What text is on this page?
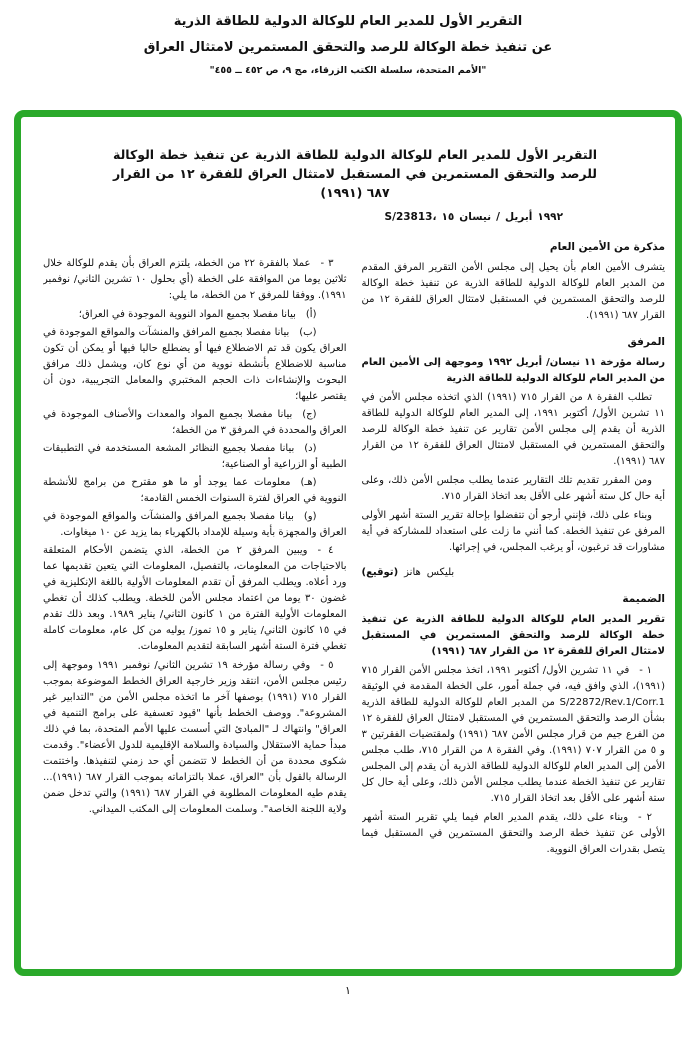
التقرير الأول للمدير العام للوكالة الدولية للطاقة الذرية
عن تنفيذ خطة الوكالة للرصد والتحقق المستمرين لامتثال العراق
"الأمم المتحدة، سلسلة الكتب الزرقاء، مج ٩، ص ٤٥٢ ــ ٤٥٥"
التقرير الأول للمدير العام للوكالة الدولية للطاقة الذرية عن تنفيذ خطة الوكالة للرصد والتحقق المستمرين في المستقبل لامتثال العراق للفقرة ١٢ من القرار ٦٨٧ (١٩٩١)
S/23813، ١٥ نيسان / أبريل ١٩٩٢
مذكرة من الأمين العام

يتشرف الأمين العام بأن يحيل إلى مجلس الأمن التقرير المرفق المقدم من المدير العام للوكالة الدولية للطاقة الذرية عن تنفيذ خطة الوكالة للرصد والتحقق المستمرين في المستقبل لامتثال العراق للفقرة ١٢ من القرار ٦٨٧ (١٩٩١).

المرفق

رسالة مؤرخة ١١ نيسان/ أبريل ١٩٩٢ وموجهة إلى الأمين العام من المدير العام للوكالة الدولية للطاقة الذرية

تطلب الفقرة ٨ من القرار ٧١٥ (١٩٩١) الذي اتخذه مجلس الأمن في ١١ تشرين الأول/ أكتوبر ١٩٩١، إلى المدير العام للوكالة الدولية للطاقة الذرية أن يقدم إلى مجلس الأمن تقارير عن تنفيذ خطة الوكالة للرصد والتحقق المستمرين في المستقبل لامتثال العراق للفقرة ١٢ من القرار ٦٨٧ (١٩٩١).

ومن المقرر تقديم تلك التقارير عندما يطلب مجلس الأمن ذلك، وعلى أية حال كل ستة أشهر على الأقل بعد اتخاذ القرار ٧١٥.

وبناء على ذلك، فإنني أرجو أن تتفضلوا بإحالة تقرير الستة أشهر الأولى المرفق عن تنفيذ الخطة. كما أنني ما زلت على استعداد للمشاركة في أية مشاورات قد ترغبون، أو يرغب المجلس، في إجرائها.

(توقيع) هانز بليكس
الضميمة

تقرير المدير العام للوكالة الدولية للطاقة الذرية عن تنفيذ خطة الوكالة للرصد والتحقق المستمرين في المستقبل لامتثال العراق للفقرة ١٢ من القرار ٦٨٧ (١٩٩١)

١ - في ١١ تشرين الأول/ أكتوبر ١٩٩١، اتخذ مجلس الأمن القرار ٧١٥ (١٩٩١)، الذي وافق فيه، في جملة أمور، على الخطة المقدمة في الوثيقة S/22872/Rev.1/Corr.1 من المدير العام للوكالة الدولية للطاقة الذرية بشأن الرصد والتحقق المستمرين في المستقبل لامتثال العراق للفقرة ١٢ من الفرع جيم من قرار مجلس الأمن ٦٨٧ (١٩٩١) ولمقتضيات الفقرتين ٣ و ٥ من القرار ٧٠٧ (١٩٩١). وفي الفقرة ٨ من القرار ٧١٥، طلب مجلس الأمن إلى المدير العام للوكالة الدولية للطاقة الذرية أن يقدم إلى المجلس تقارير عن تنفيذ الخطة عندما يطلب مجلس الأمن ذلك، وعلى أية حال كل ستة أشهر على الأقل بعد اتخاذ القرار ٧١٥.

٢ - وبناء على ذلك، يقدم المدير العام فيما يلي تقرير الستة أشهر الأولى عن تنفيذ خطة الرصد والتحقق المستمرين في المستقبل فيما يتصل بقدرات العراق النووية.

٣ - عملا بالفقرة ٢٢ من الخطة، يلتزم العراق بأن يقدم للوكالة خلال ثلاثين يوما من الموافقة على الخطة (أي بحلول ١٠ تشرين الثاني/ نوفمبر ١٩٩١). ووفقا للمرفق ٢ من الخطة، ما يلي:

(أ) بيانا مفصلا بجميع المواد النووية الموجودة في العراق؛

(ب) بيانا مفصلا بجميع المرافق والمنشآت والمواقع الموجودة في العراق يكون قد تم الاضطلاع فيها أو يضطلع حاليا فيها أو يمكن أن تكون مناسبة للاضطلاع بأنشطة نووية من أي نوع كان، ويشمل ذلك مرافق البحوث والإنشاءات ذات الحجم المختبري والمعامل التجريبية، دون أن يقتصر عليها؛

(ج) بيانا مفصلا بجميع المواد والمعدات والأصناف الموجودة في العراق والمحددة في المرفق ٣ من الخطة؛

(د) بيانا مفصلا بجميع النظائر المشعة المستخدمة في التطبيقات الطبية أو الزراعية أو الصناعية؛

(هـ) معلومات عما يوجد أو ما هو مقترح من برامج للأنشطة النووية في العراق لفترة السنوات الخمس القادمة؛

(و) بيانا مفصلا بجميع المرافق والمنشآت والمواقع الموجودة في العراق والمجهزة بأية وسيلة للإمداد بالكهرباء بما يزيد عن ١٠ ميغاوات.

٤ - ويبين المرفق ٢ من الخطة، الذي يتضمن الأحكام المتعلقة بالاحتياجات من المعلومات، بالتفصيل، المعلومات التي يتعين تقديمها عما ورد أعلاه. ويطلب المرفق أن تقدم المعلومات الأولية باللغة الإنكليزية في غضون ٣٠ يوما من اعتماد مجلس الأمن للخطة. ويطلب كذلك أن تغطي المعلومات الأولية الفترة من ١ كانون الثاني/ يناير ١٩٨٩. وبعد ذلك تقدم في ١٥ كانون الثاني/ يناير و ١٥ تموز/ يوليه من كل عام، معلومات كاملة تغطي فترة الستة أشهر السابقة لتقديم المعلومات.

٥ - وفي رسالة مؤرخة ١٩ تشرين الثاني/ نوفمبر ١٩٩١ وموجهة إلى رئيس مجلس الأمن، انتقد وزير خارجية العراق الخطط الموضوعة بموجب القرار ٧١٥ (١٩٩١) بوصفها آخر ما اتخذه مجلس الأمن من "التدابير غير المشروعة". ووصف الخطط بأنها "قيود تعسفية على برامج التنمية في العراق" وانتهاك لـ "المبادئ التي أسست عليها الأمم المتحدة، بما في ذلك مبدأ حماية الاستقلال والسيادة والسلامة الإقليمية للدول الأعضاء". وقدمت شكوى محددة من أن الخطط لا تتضمن أي حد زمني لتنفيذها. واختتمت الرسالة بالقول بأن "العراق، عملا بالتزاماته بموجب القرار ٦٨٧ (١٩٩١)... يقدم طيه المعلومات المطلوبة في القرار ٦٨٧ (١٩٩١) والتي تدخل ضمن ولاية اللجنة الخاصة". وسلمت المعلومات إلى المكتب الميداني.

١
